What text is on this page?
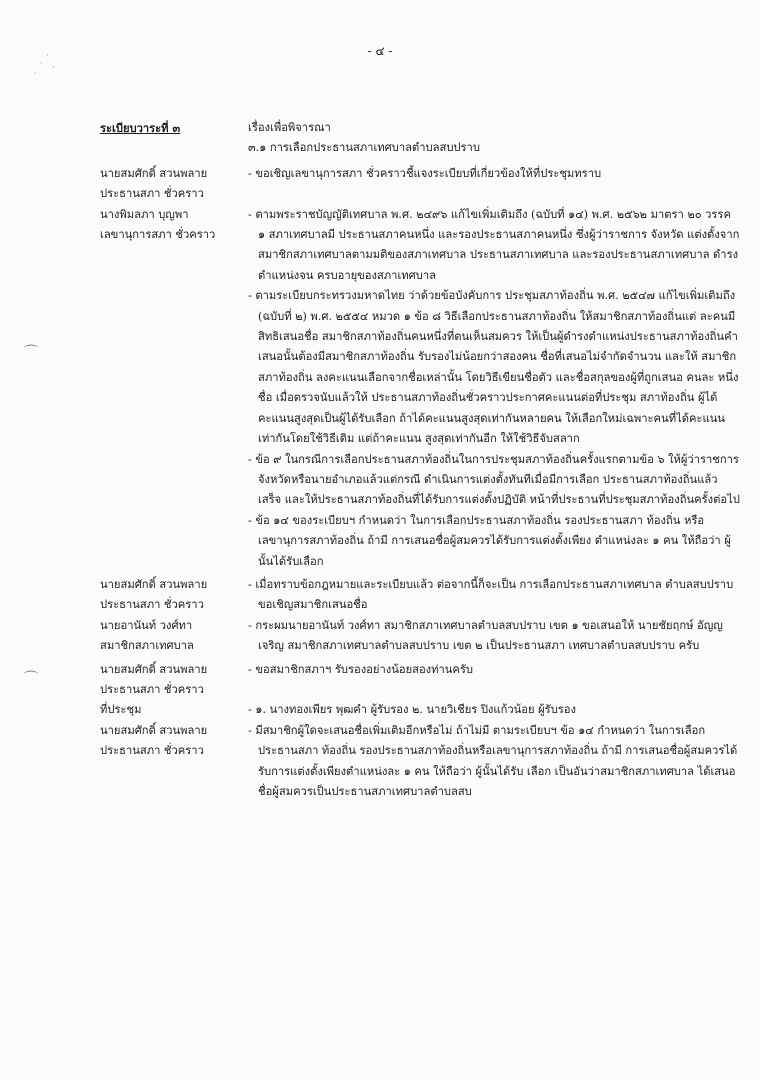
- ๔ -
·
·
·
·
⌒
⌒
ระเบียบวาระที่ ๓	เรื่องเพื่อพิจารณา
๓.๑ การเลือกประธานสภาเทศบาลตำบลสบปราบ
นายสมศักดิ์ สวนพลาย
ประธานสภา ชั่วคราว
- ขอเชิญเลขานุการสภา ชั่วคราวชี้แจงระเบียบที่เกี่ยวข้องให้ที่ประชุมทราบ
นางพิมลภา บุญพา
เลขานุการสภา ชั่วคราว
- ตามพระราชบัญญัติเทศบาล พ.ศ. ๒๔๙๖ แก้ไขเพิ่มเติมถึง (ฉบับที่ ๑๔) พ.ศ. ๒๕๖๒ มาตรา ๒๐ วรรค ๑ สภาเทศบาลมี ประธานสภาคนหนึ่ง และรองประธานสภาคนหนึ่ง ซึ่งผู้ว่าราชการ จังหวัด แต่งตั้งจากสมาชิกสภาเทศบาลตามมติของสภาเทศบาล ประธานสภาเทศบาล และรองประธานสภาเทศบาล ดำรงตำแหน่งจน ครบอายุของสภาเทศบาล
- ตามระเบียบกระทรวงมหาดไทย ว่าด้วยข้อบังคับการ ประชุมสภาท้องถิ่น พ.ศ. ๒๕๔๗ แก้ไขเพิ่มเติมถึง (ฉบับที่ ๒) พ.ศ. ๒๕๕๔ หมวด ๑ ข้อ ๘ วิธีเลือกประธานสภาท้องถิ่น ให้สมาชิกสภาท้องถิ่นแต่ ละคนมีสิทธิเสนอชื่อ สมาชิกสภาท้องถิ่นคนหนึ่งที่ตนเห็นสมควร ให้เป็นผู้ดำรงตำแหน่งประธานสภาท้องถิ่นคำเสนอนั้นต้องมีสมาชิกสภาท้องถิ่น รับรองไม่น้อยกว่าสองคน ชื่อที่เสนอไม่จำกัดจำนวน และให้ สมาชิกสภาท้องถิ่น ลงคะแนนเลือกจากชื่อเหล่านั้น โดยวิธีเขียนชื่อตัว และชื่อสกุลของผู้ที่ถูกเสนอ คนละ หนึ่งชื่อ เมื่อตรวจนับแล้วให้ ประธานสภาท้องถิ่นชั่วคราวประกาศคะแนนต่อที่ประชุม สภาท้องถิ่น ผู้ได้คะแนนสูงสุดเป็นผู้ได้รับเลือก ถ้าได้คะแนนสูงสุดเท่ากันหลายคน ให้เลือกใหม่เฉพาะคนที่ได้คะแนนเท่ากันโดยใช้วิธีเดิม แต่ถ้าคะแนน สูงสุดเท่ากันอีก ให้ใช้วิธีจับสลาก
- ข้อ ๙ ในกรณีการเลือกประธานสภาท้องถิ่นในการประชุมสภาท้องถิ่นครั้งแรกตามข้อ ๖ ให้ผู้ว่าราชการจังหวัดหรือนายอำเภอแล้วแต่กรณี ดำเนินการแต่งตั้งทันทีเมื่อมีการเลือก ประธานสภาท้องถิ่นแล้วเสร็จ และให้ประธานสภาท้องถิ่นที่ได้รับการแต่งตั้งปฏิบัติ หน้าที่ประธานที่ประชุมสภาท้องถิ่นครั้งต่อไป
- ข้อ ๑๔ ของระเบียบฯ กำหนดว่า ในการเลือกประธานสภาท้องถิ่น รองประธานสภา ท้องถิ่น หรือเลขานุการสภาท้องถิ่น ถ้ามี การเสนอชื่อผู้สมควรได้รับการแต่งตั้งเพียง ตำแหน่งละ ๑ คน ให้ถือว่า ผู้นั้นได้รับเลือก
นายสมศักดิ์ สวนพลาย
ประธานสภา ชั่วคราว
- เมื่อทราบข้อกฎหมายและระเบียบแล้ว ต่อจากนี้ก็จะเป็น การเลือกประธานสภาเทศบาล ตำบลสบปราบ ขอเชิญสมาชิกเสนอชื่อ
นายอานันท์ วงศ์ทา
สมาชิกสภาเทศบาล
- กระผมนายอานันท์ วงศ์ทา สมาชิกสภาเทศบาลตำบลสบปราบ เขต ๑ ขอเสนอให้ นายชัยฤกษ์ อัญญเจริญ สมาชิกสภาเทศบาลตำบลสบปราบ เขต ๒ เป็นประธานสภา เทศบาลตำบลสบปราบ ครับ
นายสมศักดิ์ สวนพลาย
ประธานสภา ชั่วคราว
- ขอสมาชิกสภาฯ รับรองอย่างน้อยสองท่านครับ
ที่ประชุม	- ๑. นางทองเพียร พุฒคำ ผู้รับรอง ๒. นายวิเชียร ปิงแก้วน้อย ผู้รับรอง
นายสมศักดิ์ สวนพลาย
ประธานสภา ชั่วคราว
- มีสมาชิกผู้ใดจะเสนอชื่อเพิ่มเติมอีกหรือไม่ ถ้าไม่มี ตามระเบียบฯ ข้อ ๑๔ กำหนดว่า ในการเลือกประธานสภา ท้องถิ่น รองประธานสภาท้องถิ่นหรือเลขานุการสภาท้องถิ่น ถ้ามี การเสนอชื่อผู้สมควรได้รับการแต่งตั้งเพียงตำแหน่งละ ๑ คน ให้ถือว่า ผู้นั้นได้รับ เลือก เป็นอันว่าสมาชิกสภาเทศบาล ได้เสนอชื่อผู้สมควรเป็นประธานสภาเทศบาลตำบลสบ
